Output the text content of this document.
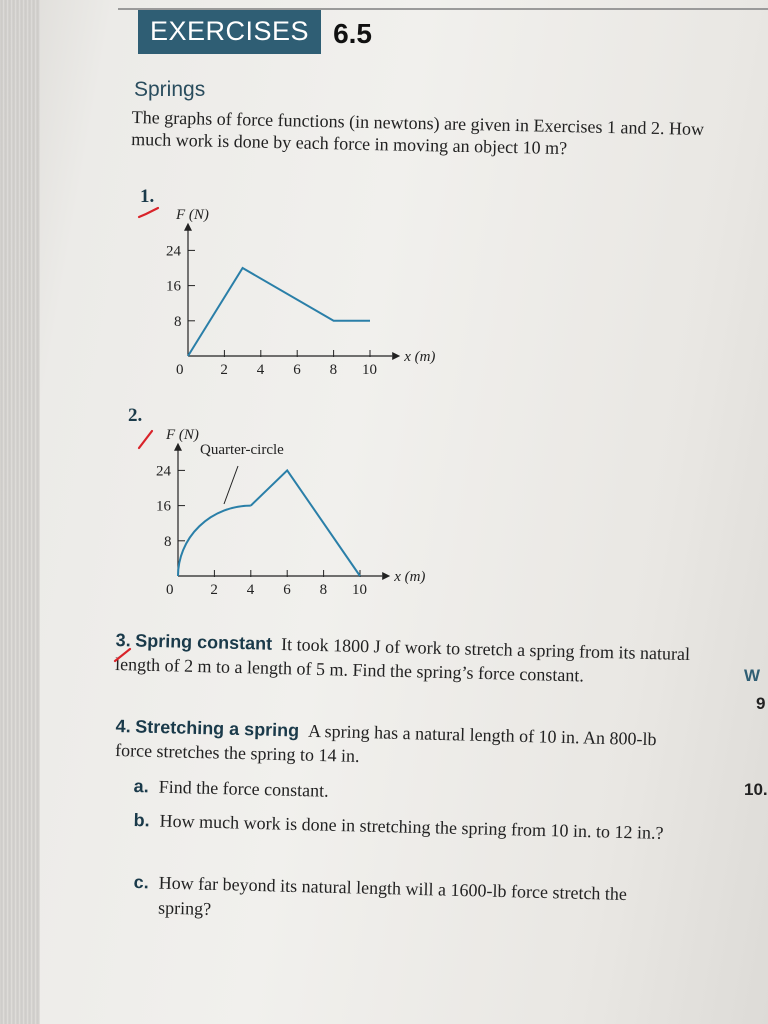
EXERCISES 6.5
Springs
The graphs of force functions (in newtons) are given in Exercises 1 and 2. How much work is done by each force in moving an object 10 m?
1.
F (N)
x (m)
0 2 4 6 8 10
8
16
24
2.
F (N)
x (m)
0 2 4 6 8 10
8
16
24
Quarter-circle
3. Spring constant It took 1800 J of work to stretch a spring from its natural length of 2 m to a length of 5 m. Find the spring’s force constant.
4. Stretching a spring A spring has a natural length of 10 in. An 800-lb force stretches the spring to 14 in.
a. Find the force constant.
b. How much work is done in stretching the spring from 10 in. to 12 in.?
c. How far beyond its natural length will a 1600-lb force stretch the spring?
W
9
10.
